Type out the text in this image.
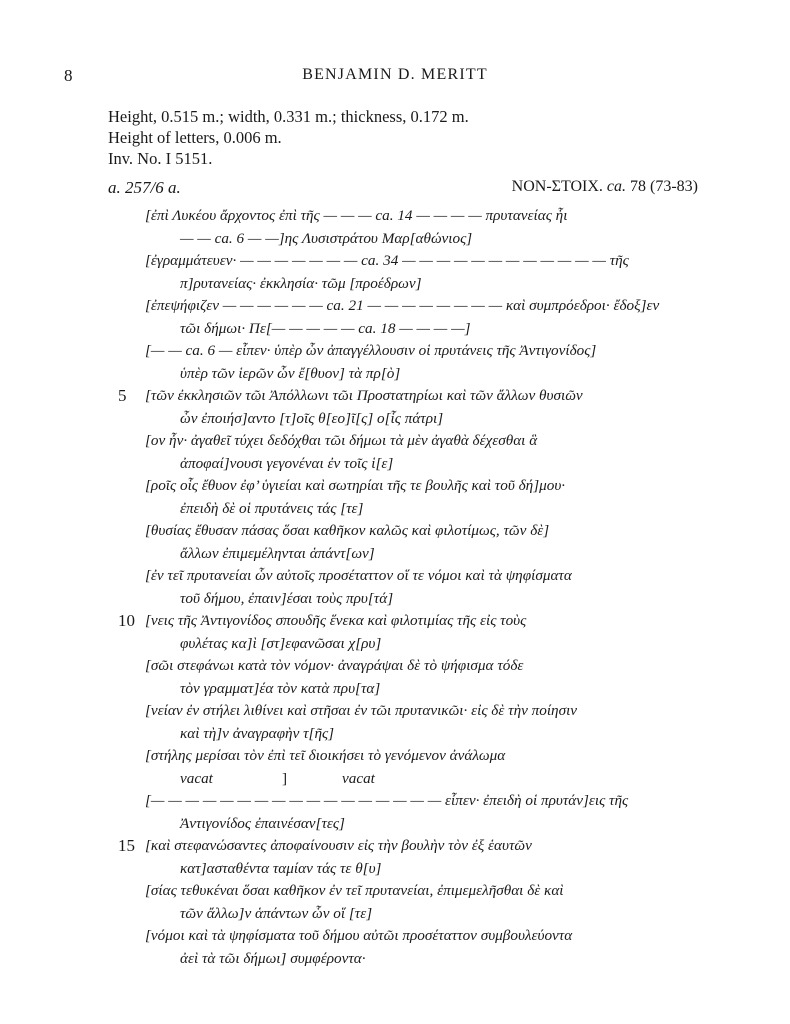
8	BENJAMIN D. MERITT
Height, 0.515 m.; width, 0.331 m.; thickness, 0.172 m.
Height of letters, 0.006 m.
Inv. No. I 5151.
a. 257/6 a.	NON-ΣΤΟΙΧ. ca. 78 (73-83)
[ἐπὶ Λυκέου ἄρχοντος ἐπὶ τῆς — — — ca. 14 — — — — πρυτανείας ἧι
— — ca. 6 — —]ης Λυσιστράτου Μαρ[αθώνιος]
[ἐγραμμάτευεν· — — — — — — — ca. 34 — — — — — — — — — — — — τῆς
π]ρυτανείας· ἐκκλησία· τῶμ [προέδρων]
[ἐπεψήφιζεν — — — — — — ca. 21 — — — — — — — — καὶ συμπρόεδροι· ἔδοξ]εν
τῶι δήμωι· Πε[— — — — — ca. 18 — — — —]
[— — ca. 6 — εἶπεν· ὑπὲρ ὧν ἀπαγγέλλουσιν οἱ πρυτάνεις τῆς Ἀντιγονίδος]
ὑπὲρ τῶν ἱερῶν ὧν ἔ[θυον] τὰ πρ[ὸ]
5 [τῶν ἐκκλησιῶν τῶι Ἀπόλλωνι τῶι Προστατηρίωι καὶ τῶν ἄλλων θυσιῶν
ὧν ἐποιήσ]αντο [τ]οῖς θ[εο]ῖ[ς] ο[ἷς πάτρι]
[ον ἦν· ἀγαθεῖ τύχει δεδόχθαι τῶι δήμωι τὰ μὲν ἀγαθὰ δέχεσθαι ἃ
ἀποφαί]νουσι γεγονέναι ἐν τοῖς ἱ[ε]
[ροῖς οἷς ἔθυον ἐφ’ ὑγιείαι καὶ σωτηρίαι τῆς τε βουλῆς καὶ τοῦ δή]μου·
ἐπειδὴ δὲ οἱ πρυτάνεις τάς [τε]
[θυσίας ἔθυσαν πάσας ὅσαι καθῆκον καλῶς καὶ φιλοτίμως, τῶν δὲ]
ἄλλων ἐπιμεμέληνται ἁπάντ[ων]
[ἐν τεῖ πρυτανείαι ὧν αὐτοῖς προσέταττον οἵ τε νόμοι καὶ τὰ ψηφίσματα
τοῦ δήμου, ἐπαιν]έσαι τοὺς πρυ[τά]
10 [νεις τῆς Ἀντιγονίδος σπουδῆς ἕνεκα καὶ φιλοτιμίας τῆς εἰς τοὺς
φυλέτας κα]ὶ [στ]εφανῶσαι χ[ρυ]
[σῶι στεφάνωι κατὰ τὸν νόμον· ἀναγράψαι δὲ τὸ ψήφισμα τόδε
τὸν γραμματ]έα τὸν κατὰ πρυ[τα]
[νείαν ἐν στήλει λιθίνει καὶ στῆσαι ἐν τῶι πρυτανικῶι· εἰς δὲ τὴν ποίησιν
καὶ τὴ]ν ἀναγραφὴν τ[ῆς]
[στήλης μερίσαι τὸν ἐπὶ τεῖ διοικήσει τὸ γενόμενον ἀνάλωμα
vacat	]	vacat
[— — — — — — — — — — — — — — — — — εἶπεν· ἐπειδὴ οἱ πρυτάν]εις τῆς
Ἀντιγονίδος ἐπαινέσαν[τες]
15 [καὶ στεφανώσαντες ἀποφαίνουσιν εἰς τὴν βουλὴν τὸν ἐξ ἑαυτῶν
κατ]ασταθέντα ταμίαν τάς τε θ[υ]
[σίας τεθυκέναι ὅσαι καθῆκον ἐν τεῖ πρυτανείαι, ἐπιμεμελῆσθαι δὲ καὶ
τῶν ἄλλω]ν ἁπάντων ὧν οἵ [τε]
[νόμοι καὶ τὰ ψηφίσματα τοῦ δήμου αὐτῶι προσέταττον συμβουλεύοντα
ἀεὶ τὰ τῶι δήμωι] συμφέροντα·
